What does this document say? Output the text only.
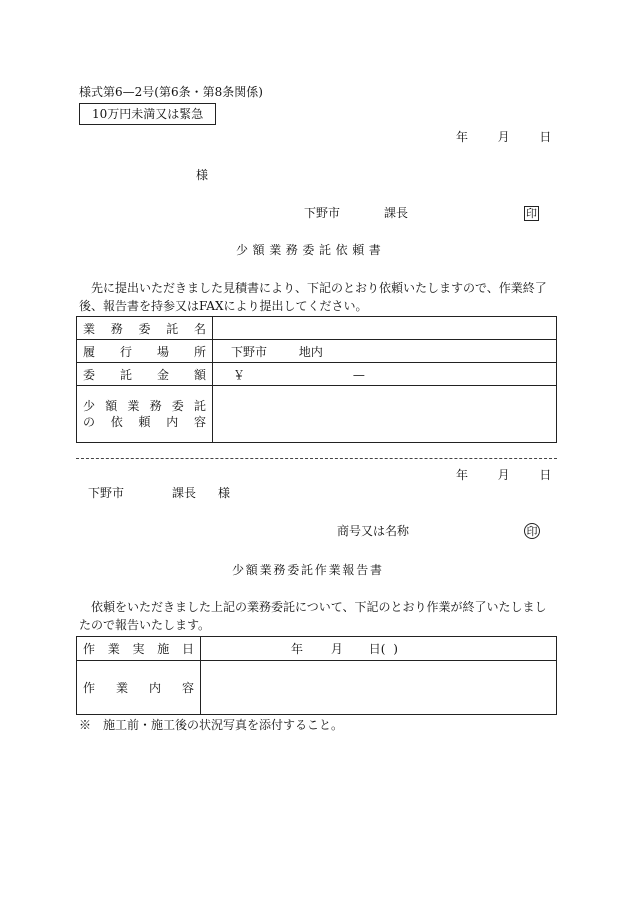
様式第6—2号(第6条・第8条関係)
10万円未満又は緊急
年 月 日
様
下野市	課長	印
少額業務委託依頼書
先に提出いただきました見積書により、下記のとおり依頼いたしますので、作業終了後、報告書を持参又はFAXにより提出してください。
業務委託名	

履行場所	下野市 地内

委託金額	￥ —

少額業務委託
の依頼内容	

年 月 日
下野市	課長 様
商号又は名称	印
少額業務委託作業報告書
依頼をいただきました上記の業務委託について、下記のとおり作業が終了いたしましたので報告いたします。
作業実施日	年 月 日( )

作業内容	

※　施工前・施工後の状況写真を添付すること。
